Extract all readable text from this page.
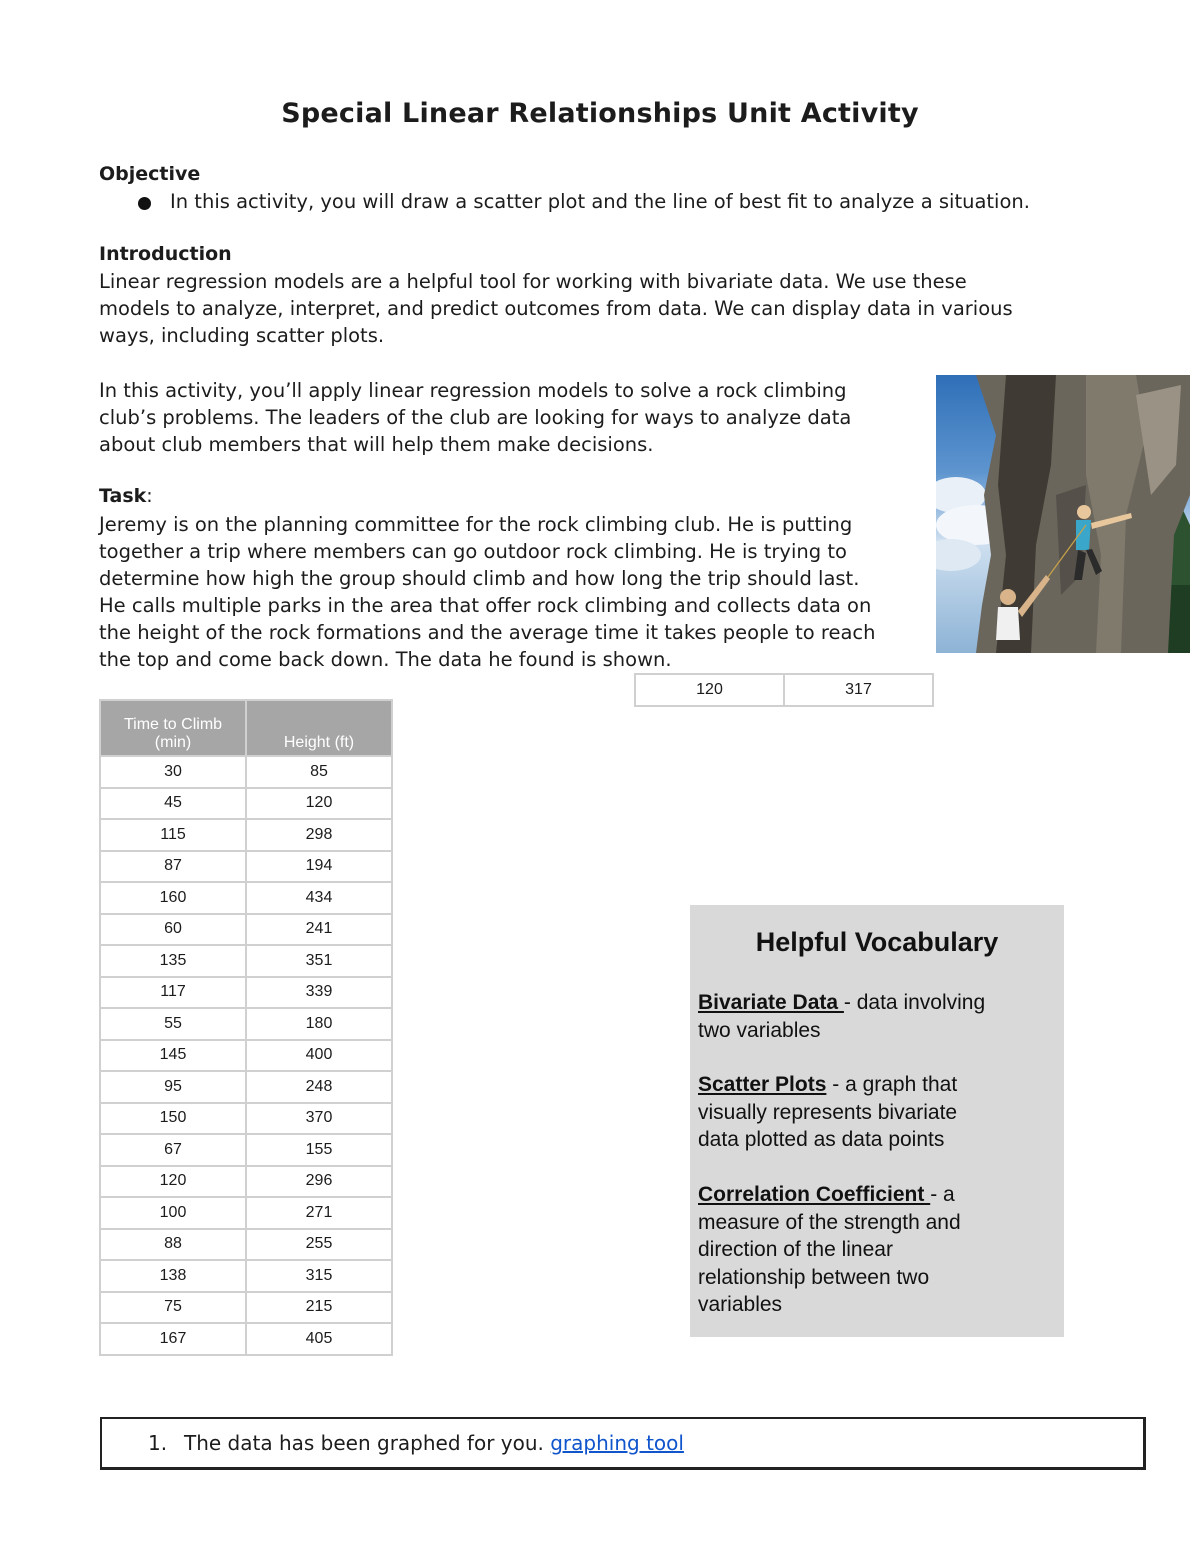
Special Linear Relationships Unit Activity
Objective
In this activity, you will draw a scatter plot and the line of best fit to analyze a situation.
Introduction
Linear regression models are a helpful tool for working with bivariate data. We use these
models to analyze, interpret, and predict outcomes from data. We can display data in various
ways, including scatter plots.
In this activity, you’ll apply linear regression models to solve a rock climbing
club’s problems. The leaders of the club are looking for ways to analyze data
about club members that will help them make decisions.
Task:
Jeremy is on the planning committee for the rock climbing club. He is putting
together a trip where members can go outdoor rock climbing. He is trying to
determine how high the group should climb and how long the trip should last.
He calls multiple parks in the area that offer rock climbing and collects data on
the height of the rock formations and the average time it takes people to reach
the top and come back down. The data he found is shown.
120	317
Time to Climb
(min)	Height (ft)
30	85
45	120
115	298
87	194
160	434
60	241
135	351
117	339
55	180
145	400
95	248
150	370
67	155
120	296
100	271
88	255
138	315
75	215
167	405
Helpful Vocabulary

Bivariate Data - data involving
two variables

Scatter Plots - a graph that
visually represents bivariate
data plotted as data points

Correlation Coefficient - a
measure of the strength and
direction of the linear
relationship between two
variables

1. The data has been graphed for you. graphing tool
